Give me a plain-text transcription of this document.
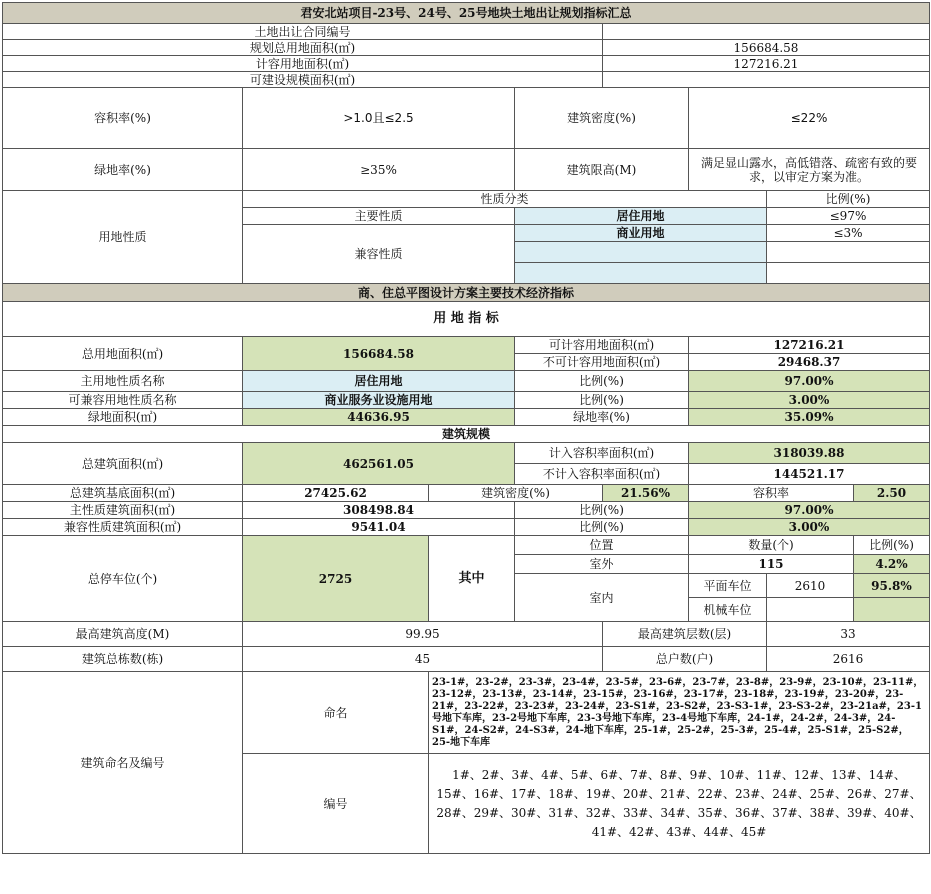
君安北站项目-23号、24号、25号地块土地出让规划指标汇总							
土地出让合同编号							
规划总用地面积(㎡)				156684.58			
计容用地面积(㎡)				127216.21			
可建设规模面积(㎡)							
容积率(%)	>1.0且≤2.5		建筑密度(%)		≤22%		
绿地率(%)	≥35%		建筑限高(M)		满足显山露水，高低错落、疏密有致的要求，以审定方案为准。		
用地性质	性质分类					比例(%)	
	主要性质		居住用地			≤97%	
	兼容性质		商业用地			≤3%	

商、住总平图设计方案主要技术经济指标							
用 地 指 标							
总用地面积(㎡)	156684.58		可计容用地面积(㎡)		127216.21		
			不可计容用地面积(㎡)		29468.37		
主用地性质名称	居住用地		比例(%)		97.00%		
可兼容用地性质名称	商业服务业设施用地		比例(%)		3.00%		
绿地面积(㎡)	44636.95		绿地率(%)		35.09%		
建筑规模							
总建筑面积(㎡)	462561.05		计入容积率面积(㎡)		318039.88		
			不计入容积率面积(㎡)		144521.17		
总建筑基底面积(㎡)	27425.62	建筑密度(%)		21.56%	容积率		2.50
主性质建筑面积(㎡)	308498.84		比例(%)		97.00%		
兼容性质建筑面积(㎡)	9541.04		比例(%)		3.00%		
总停车位(个)	2725	其中	位置		数量(个)		比例(%)
			室外		115		4.2%
			室内		平面车位	2610	95.8%
					机械车位		
最高建筑高度(M)	99.95			最高建筑层数(层)		33	
建筑总栋数(栋)	45			总户数(户)		2616	
建筑命名及编号	命名	23-1#，23-2#，23-3#，23-4#，23-5#，23-6#，23-7#，23-8#，23-9#，23-10#，23-11#，23-12#，23-13#，23-14#，23-15#，23-16#，23-17#，23-18#，23-19#，23-20#，23-21#，23-22#，23-23#，23-24#，23-S1#，23-S2#，23-S3-1#，23-S3-2#，23-21a#，23-1号地下车库，23-2号地下车库，23-3号地下车库，23-4号地下车库，24-1#，24-2#，24-3#，24-S1#，24-S2#，24-S3#，24-地下车库，25-1#，25-2#，25-3#，25-4#，25-S1#，25-S2#，25-地下车库					
	编号	1#、2#、3#、4#、5#、6#、7#、8#、9#、10#、11#、12#、13#、14#、15#、16#、17#、18#、19#、20#、21#、22#、23#、24#、25#、26#、27#、28#、29#、30#、31#、32#、33#、34#、35#、36#、37#、38#、39#、40#、41#、42#、43#、44#、45#					
